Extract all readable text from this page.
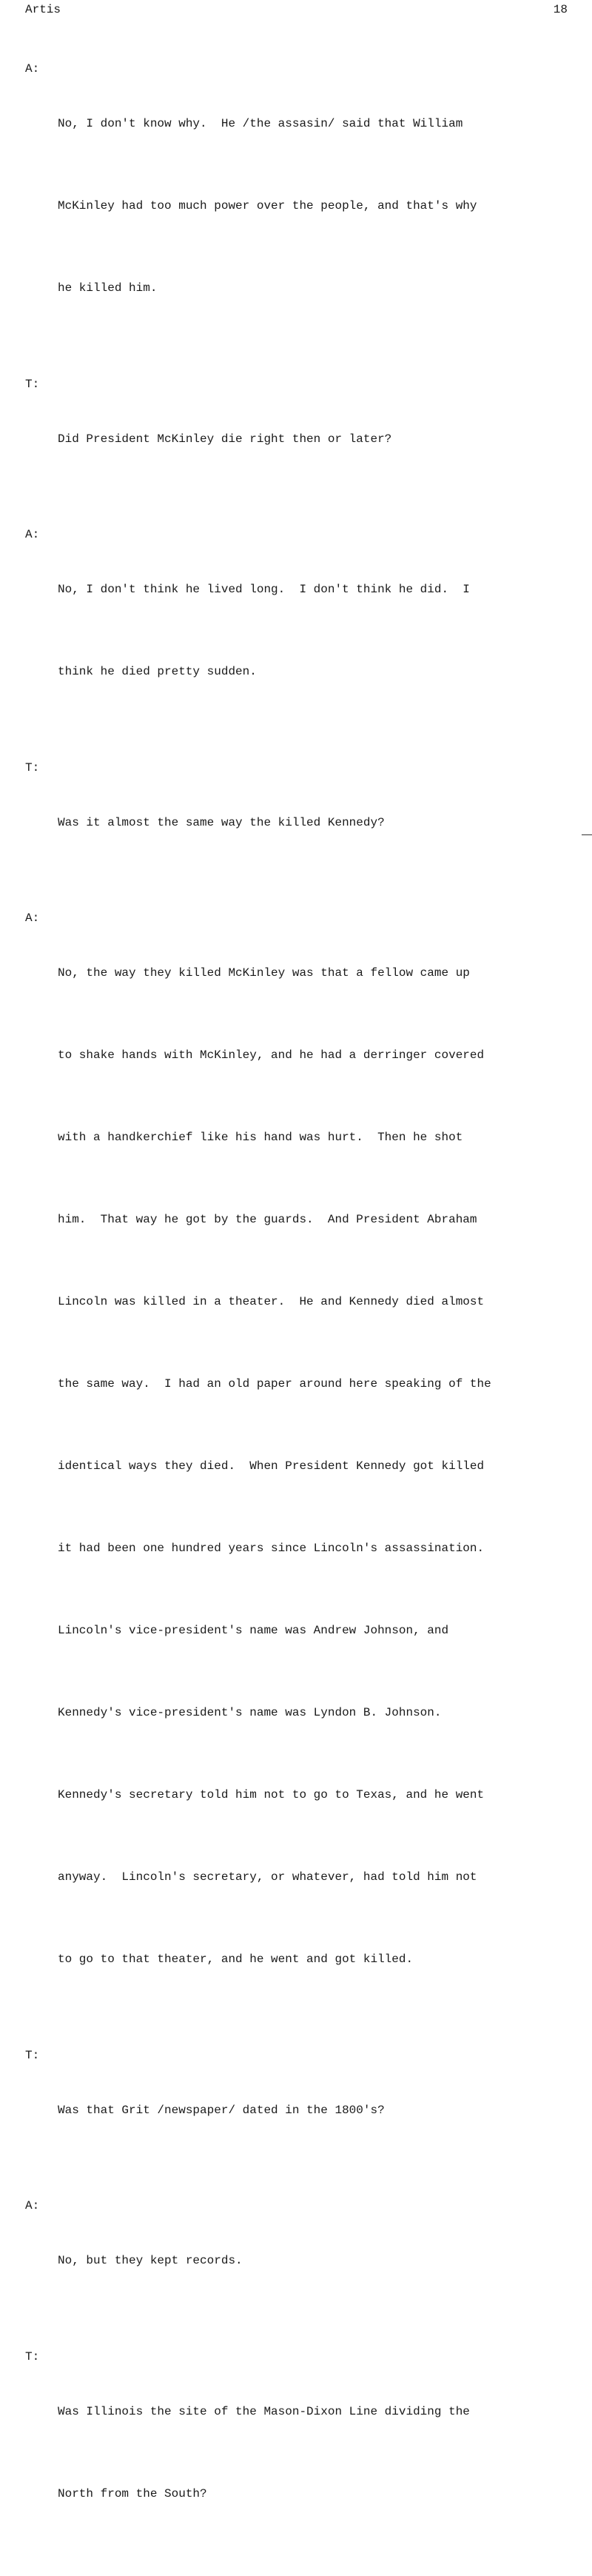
Artis	18
A:

No, I don't know why.  He /the assasin/ said that William

McKinley had too much power over the people, and that's why

he killed him.

T:

Did President McKinley die right then or later?

A:

No, I don't think he lived long.  I don't think he did.  I

think he died pretty sudden.

T:

Was it almost the same way the killed Kennedy?

A:

No, the way they killed McKinley was that a fellow came up

to shake hands with McKinley, and he had a derringer covered

with a handkerchief like his hand was hurt.  Then he shot

him.  That way he got by the guards.  And President Abraham

Lincoln was killed in a theater.  He and Kennedy died almost

the same way.  I had an old paper around here speaking of the

identical ways they died.  When President Kennedy got killed

it had been one hundred years since Lincoln's assassination.

Lincoln's vice-president's name was Andrew Johnson, and

Kennedy's vice-president's name was Lyndon B. Johnson.

Kennedy's secretary told him not to go to Texas, and he went

anyway.  Lincoln's secretary, or whatever, had told him not

to go to that theater, and he went and got killed.

T:

Was that Grit /newspaper/ dated in the 1800's?

A:

No, but they kept records.

T:

Was Illinois the site of the Mason-Dixon Line dividing the

North from the South?
